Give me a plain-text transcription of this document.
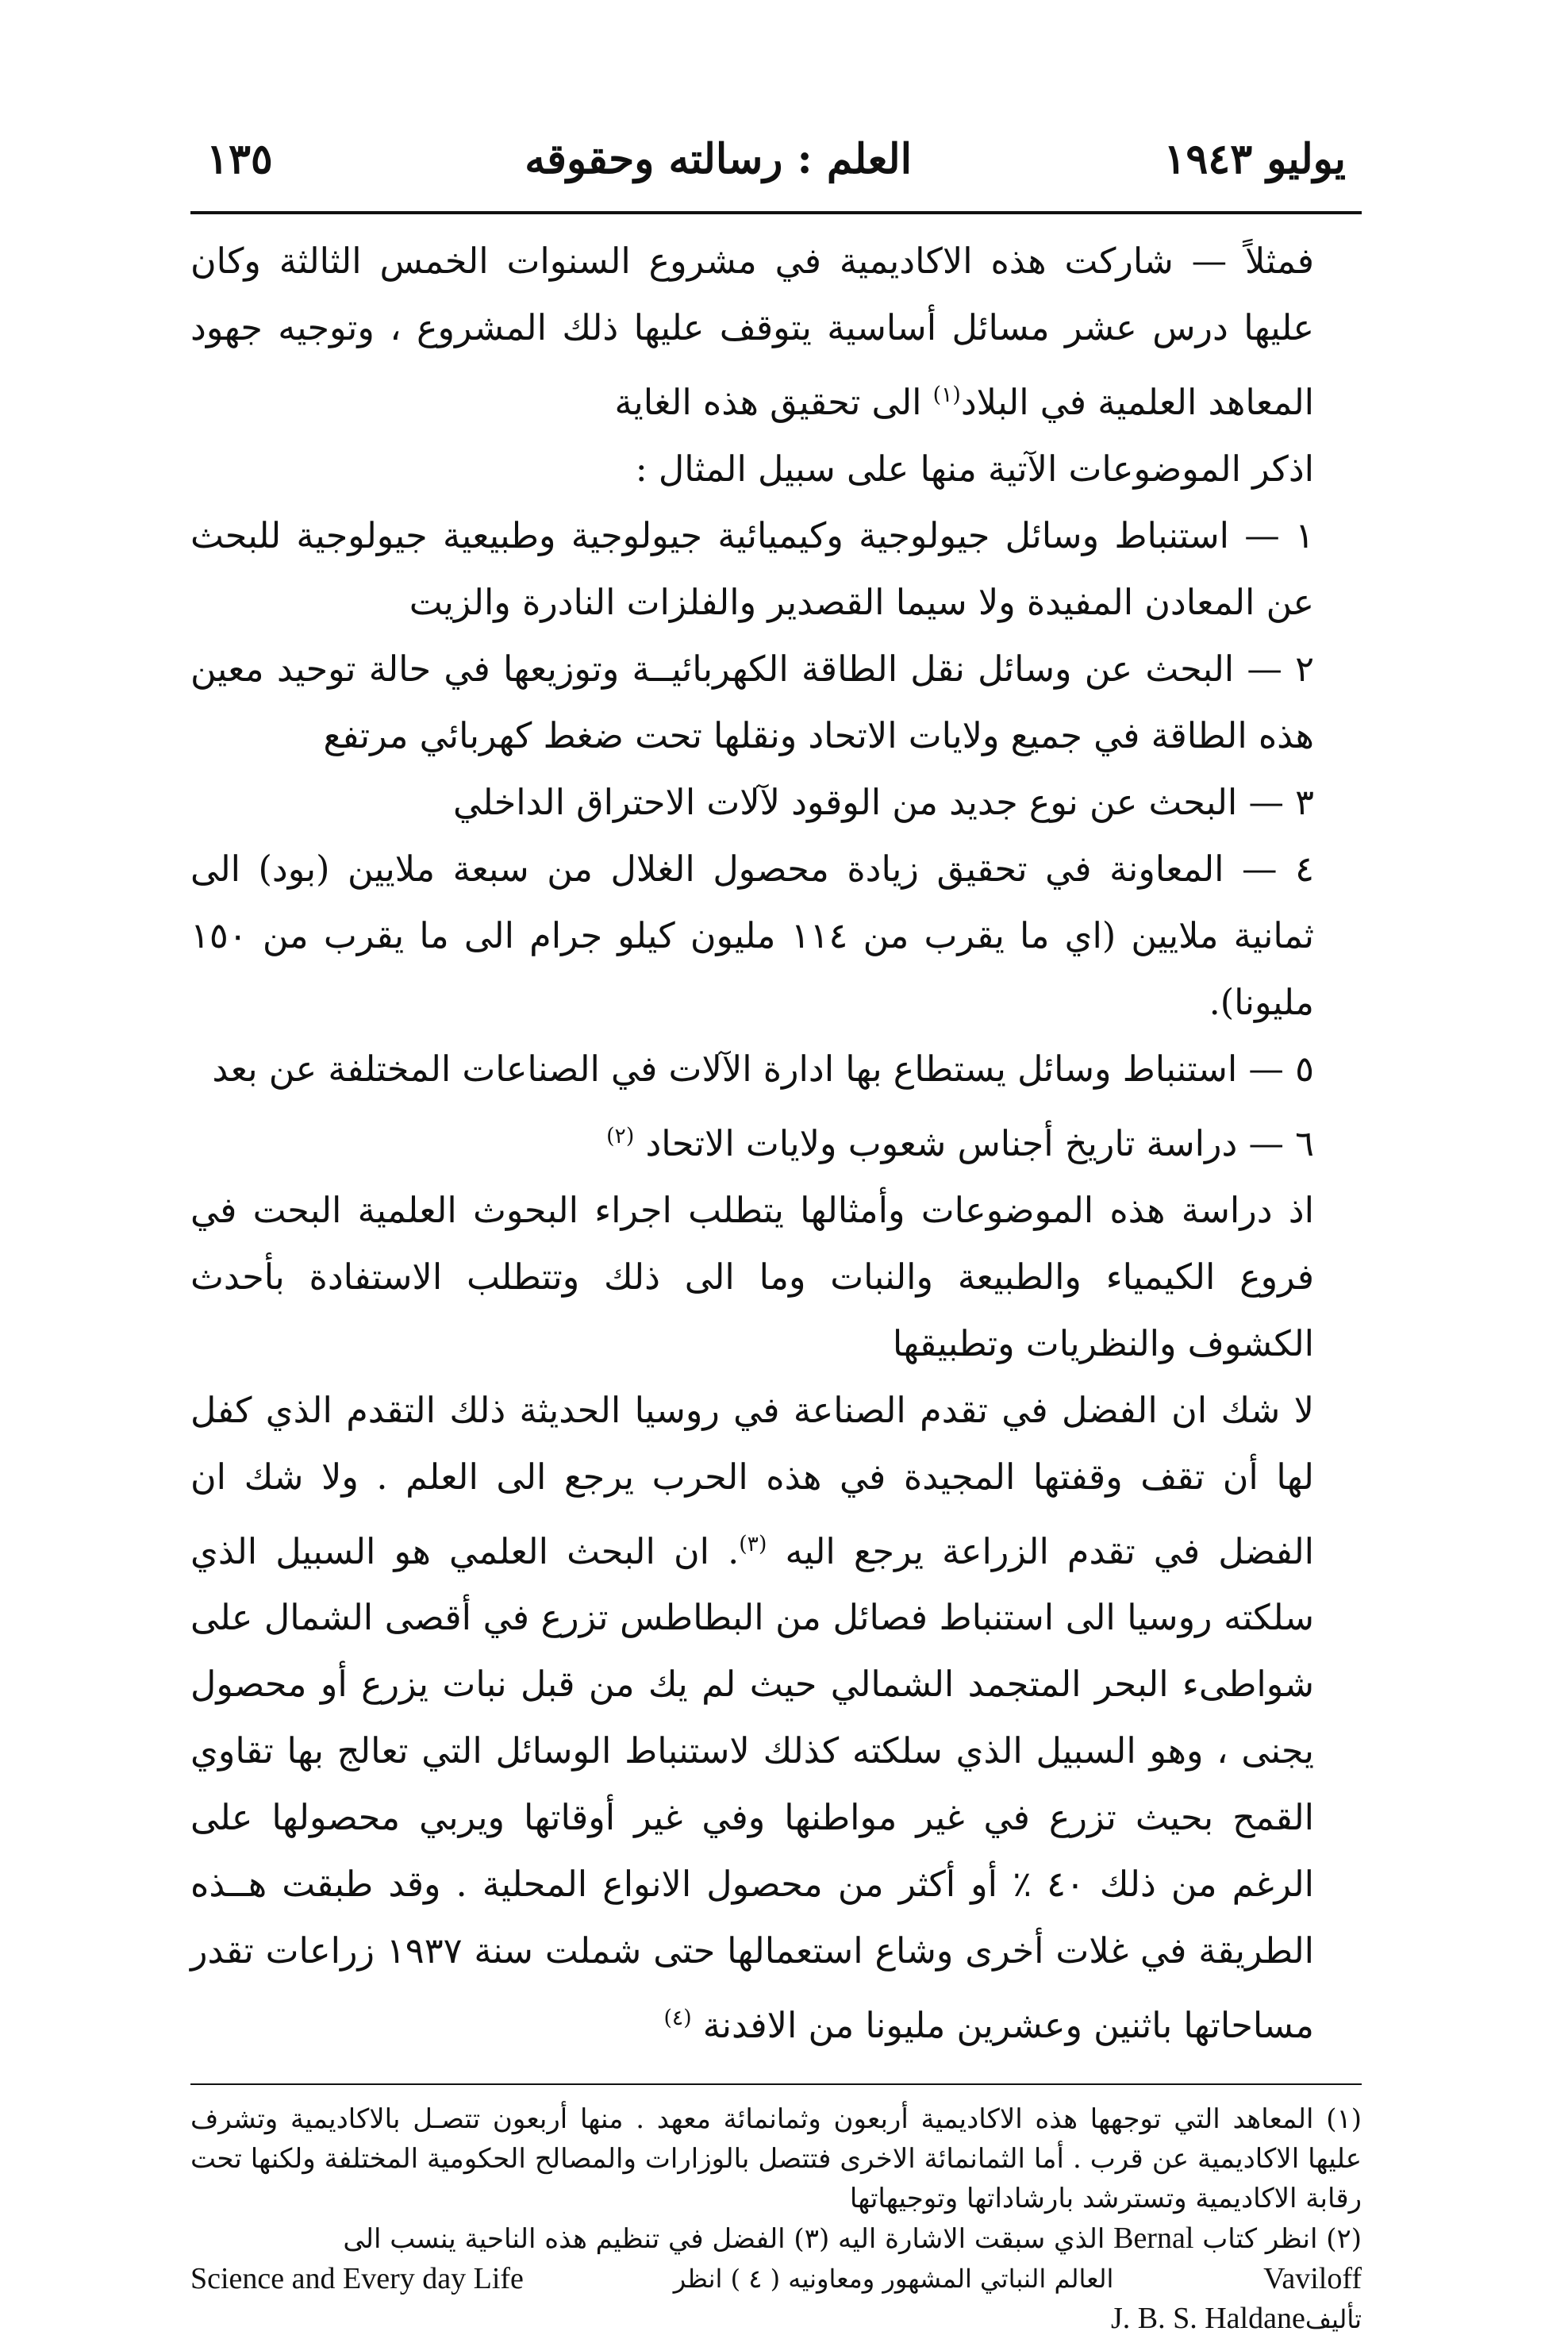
يوليو ١٩٤٣
العلم : رسالته وحقوقه
١٣٥

فمثلاً — شاركت هذه الاكاديمية في مشروع السنوات الخمس الثالثة وكان عليها درس عشر مسائل أساسية يتوقف عليها ذلك المشروع ، وتوجيه جهود المعاهد العلمية في البلاد$^{(١)}$ الى تحقيق هذه الغاية

اذكر الموضوعات الآتية منها على سبيل المثال :

١ — استنباط وسائل جيولوجية وكيميائية جيولوجية وطبيعية جيولوجية للبحث عن المعادن المفيدة ولا سيما القصدير والفلزات النادرة والزيت

٢ — البحث عن وسائل نقل الطاقة الكهربائيــة وتوزيعها في حالة توحيد معين هذه الطاقة في جميع ولايات الاتحاد ونقلها تحت ضغط كهربائي مرتفع

٣ — البحث عن نوع جديد من الوقود لآلات الاحتراق الداخلي

٤ — المعاونة في تحقيق زيادة محصول الغلال من سبعة ملايين (بود) الى ثمانية ملايين (اي ما يقرب من ١١٤ مليون كيلو جرام الى ما يقرب من ١٥٠ مليونا).

٥ — استنباط وسائل يستطاع بها ادارة الآلات في الصناعات المختلفة عن بعد

٦ — دراسة تاريخ أجناس شعوب ولايات الاتحاد $^{(٢)}$

اذ دراسة هذه الموضوعات وأمثالها يتطلب اجراء البحوث العلمية البحت في فروع الكيمياء والطبيعة والنبات وما الى ذلك وتتطلب الاستفادة بأحدث الكشوف والنظريات وتطبيقها

لا شك ان الفضل في تقدم الصناعة في روسيا الحديثة ذلك التقدم الذي كفل لها أن تقف وقفتها المجيدة في هذه الحرب يرجع الى العلم . ولا شك ان الفضل في تقدم الزراعة يرجع اليه $^{(٣)}$. ان البحث العلمي هو السبيل الذي سلكته روسيا الى استنباط فصائل من البطاطس تزرع في أقصى الشمال على شواطىء البحر المتجمد الشمالي حيث لم يك من قبل نبات يزرع أو محصول يجنى ، وهو السبيل الذي سلكته كذلك لاستنباط الوسائل التي تعالج بها تقاوي القمح بحيث تزرع في غير مواطنها وفي غير أوقاتها ويربي محصولها على الرغم من ذلك ٤٠ ٪ أو أكثر من محصول الانواع المحلية . وقد طبقت هــذه الطريقة في غلات أخرى وشاع استعمالها حتى شملت سنة ١٩٣٧ زراعات تقدر مساحاتها باثنين وعشرين مليونا من الافدنة $^{(٤)}$

(١) المعاهد التي توجهها هذه الاكاديمية أربعون وثمانمائة معهد . منها أربعون تتصـل بالاكاديمية وتشرف عليها الاكاديمية عن قرب . أما الثمانمائة الاخرى فتتصل بالوزارات والمصالح الحكومية المختلفة ولكنها تحت رقابة الاكاديمية وتسترشد بارشاداتها وتوجيهاتها

(٢) انظر كتاب Bernal الذي سبقت الاشارة اليه (٣) الفضل في تنظيم هذه الناحية ينسب الى

Science and Every day Life	العالم النباتي المشهور ومعاونيه ( ٤ ) انظر	Vaviloff
J. B. S. Haldaneتأليف
